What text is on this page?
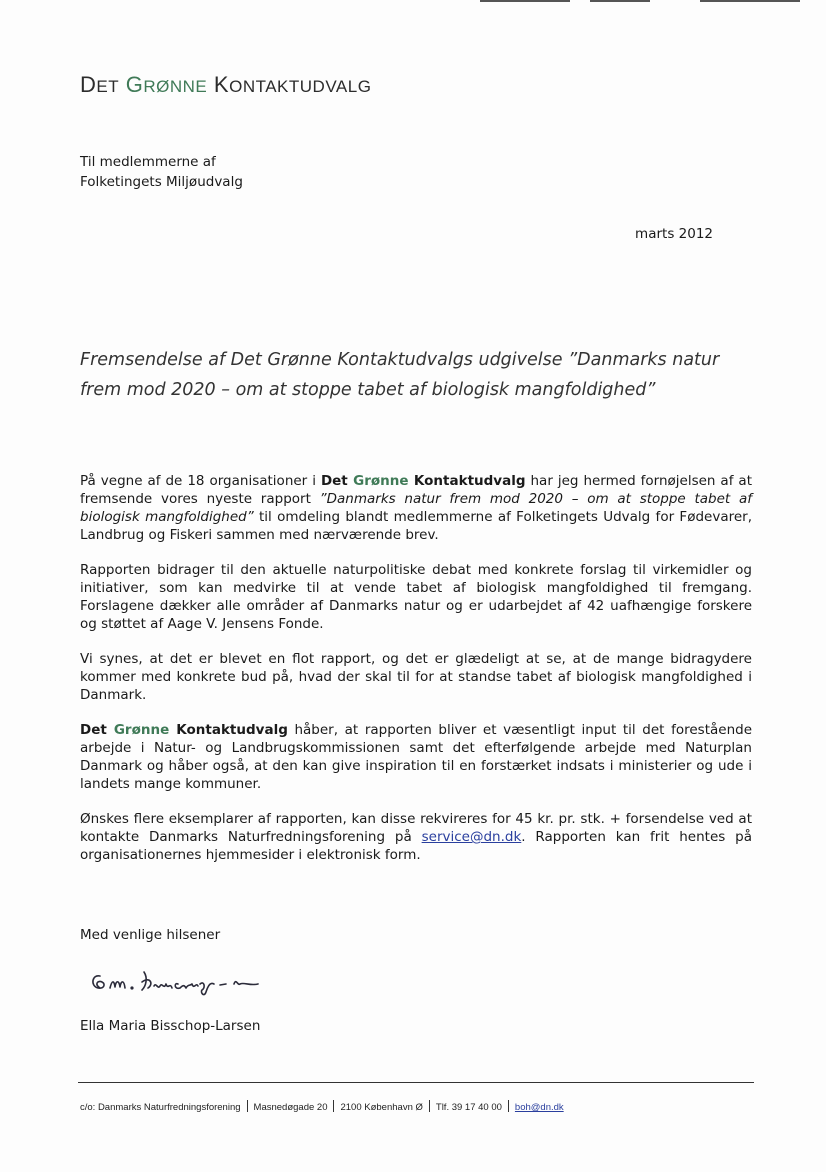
DET GRØNNE KONTAKTUDVALG
Til medlemmerne af
Folketingets Miljøudvalg
marts 2012
Fremsendelse af Det Grønne Kontaktudvalgs udgivelse ”Danmarks natur frem mod 2020 – om at stoppe tabet af biologisk mangfoldighed”

På vegne af de 18 organisationer i Det Grønne Kontaktudvalg har jeg hermed fornøjelsen af at fremsende vores nyeste rapport ”Danmarks natur frem mod 2020 – om at stoppe tabet af biologisk mangfoldighed” til omdeling blandt medlemmerne af Folketingets Udvalg for Fødevarer, Landbrug og Fiskeri sammen med nærværende brev.

Rapporten bidrager til den aktuelle naturpolitiske debat med konkrete forslag til virkemidler og initiativer, som kan medvirke til at vende tabet af biologisk mangfoldighed til fremgang. Forslagene dækker alle områder af Danmarks natur og er udarbejdet af 42 uafhængige forskere og støttet af Aage V. Jensens Fonde.

Vi synes, at det er blevet en flot rapport, og det er glædeligt at se, at de mange bidragydere kommer med konkrete bud på, hvad der skal til for at standse tabet af biologisk mangfoldighed i Danmark.

Det Grønne Kontaktudvalg håber, at rapporten bliver et væsentligt input til det forestående arbejde i Natur- og Landbrugskommissionen samt det efterfølgende arbejde med Naturplan Danmark og håber også, at den kan give inspiration til en forstærket indsats i ministerier og ude i landets mange kommuner.

Ønskes flere eksemplarer af rapporten, kan disse rekvireres for 45 kr. pr. stk. + forsendelse ved at kontakte Danmarks Naturfredningsforening på service@dn.dk. Rapporten kan frit hentes på organisationernes hjemmesider i elektronisk form.

Med venlige hilsener
Ella Maria Bisschop-Larsen
c/o: Danmarks Naturfredningsforening Masnedøgade 20 2100 København Ø Tlf. 39 17 40 00 boh@dn.dk
